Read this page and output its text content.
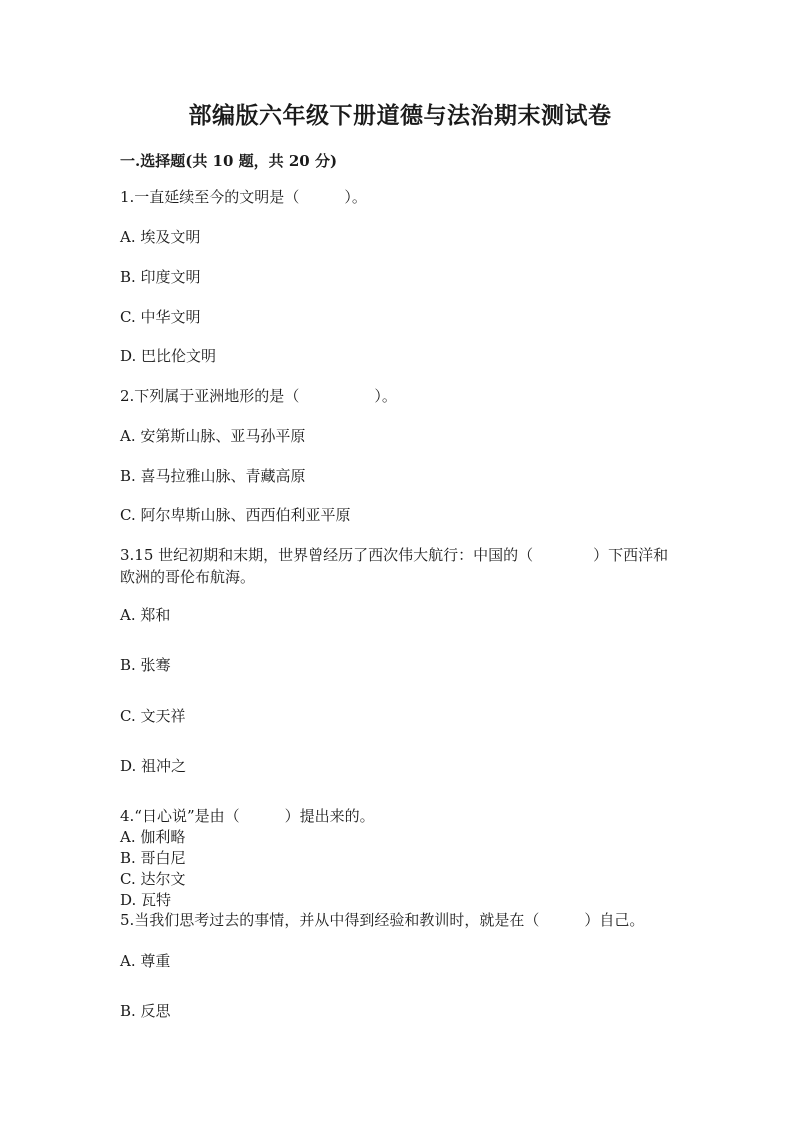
部编版六年级下册道德与法治期末测试卷

一.选择题(共 10 题，共 20 分)

1.一直延续至今的文明是（　　　）。

A. 埃及文明

B. 印度文明

C. 中华文明

D. 巴比伦文明

2.下列属于亚洲地形的是（　　　　　）。

A. 安第斯山脉、亚马孙平原

B. 喜马拉雅山脉、青藏高原

C. 阿尔卑斯山脉、西西伯利亚平原

3.15 世纪初期和末期，世界曾经历了西次伟大航行：中国的（　　　　）下西洋和欧洲的哥伦布航海。

A. 郑和

B. 张骞

C. 文天祥

D. 祖冲之

4.“日心说”是由（　　　）提出来的。

A. 伽利略

B. 哥白尼

C. 达尔文

D. 瓦特

5.当我们思考过去的事情，并从中得到经验和教训时，就是在（　　　）自己。

A. 尊重

B. 反思
